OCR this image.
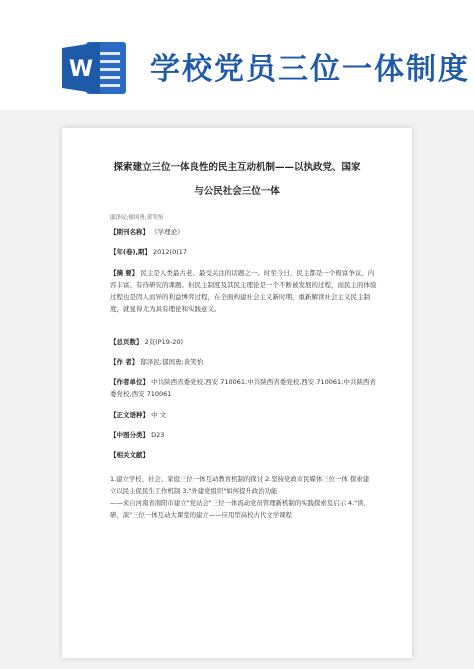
W 学校党员三位一体制度
探索建立三位一体良性的民主互动机制——以执政党、国家
与公民社会三位一体
邸泽民;郁国勇;黄笑怡
【期刊名称】 《学理论》
【年(卷),期】 2012(0)17
【摘 要】 民主是人类最古老、最受关注的话题之一。时至今日，民主都是一个极富争议、内容丰富、有待研究的课题。但民主制度及其民主理论是一个不断被发展的过程，而民主的体验过程也是因人而异的利益博弈过程，在全面构建社会主义新时期，重新解读社会主义民主制度，就显得尤为具有理论和实践意义。
【总页数】 2页(P19-20)
【作 者】 邸泽民;郁国勇;黄笑怡
【作者单位】 中共陕西省委党校,西安 710061;中共陕西省委党校,西安 710061;中共陕西省委党校,西安 710061
【正文语种】 中 文
【中图分类】 D23
【相关文献】
1.建立学校、社会、家庭三位一体互动教育机制的探讨 2.坚持党政市民媒体三位一体 探索建立以民主促民生工作机制 3."外建党组织"如何提升政治功能
——来自河南省南阳市建立"党站会"三位一体流动党员管理新机制的实践探索及启示 4."读、研、演"三位一体互动大课堂的建立——应用型高校古代文学课程
